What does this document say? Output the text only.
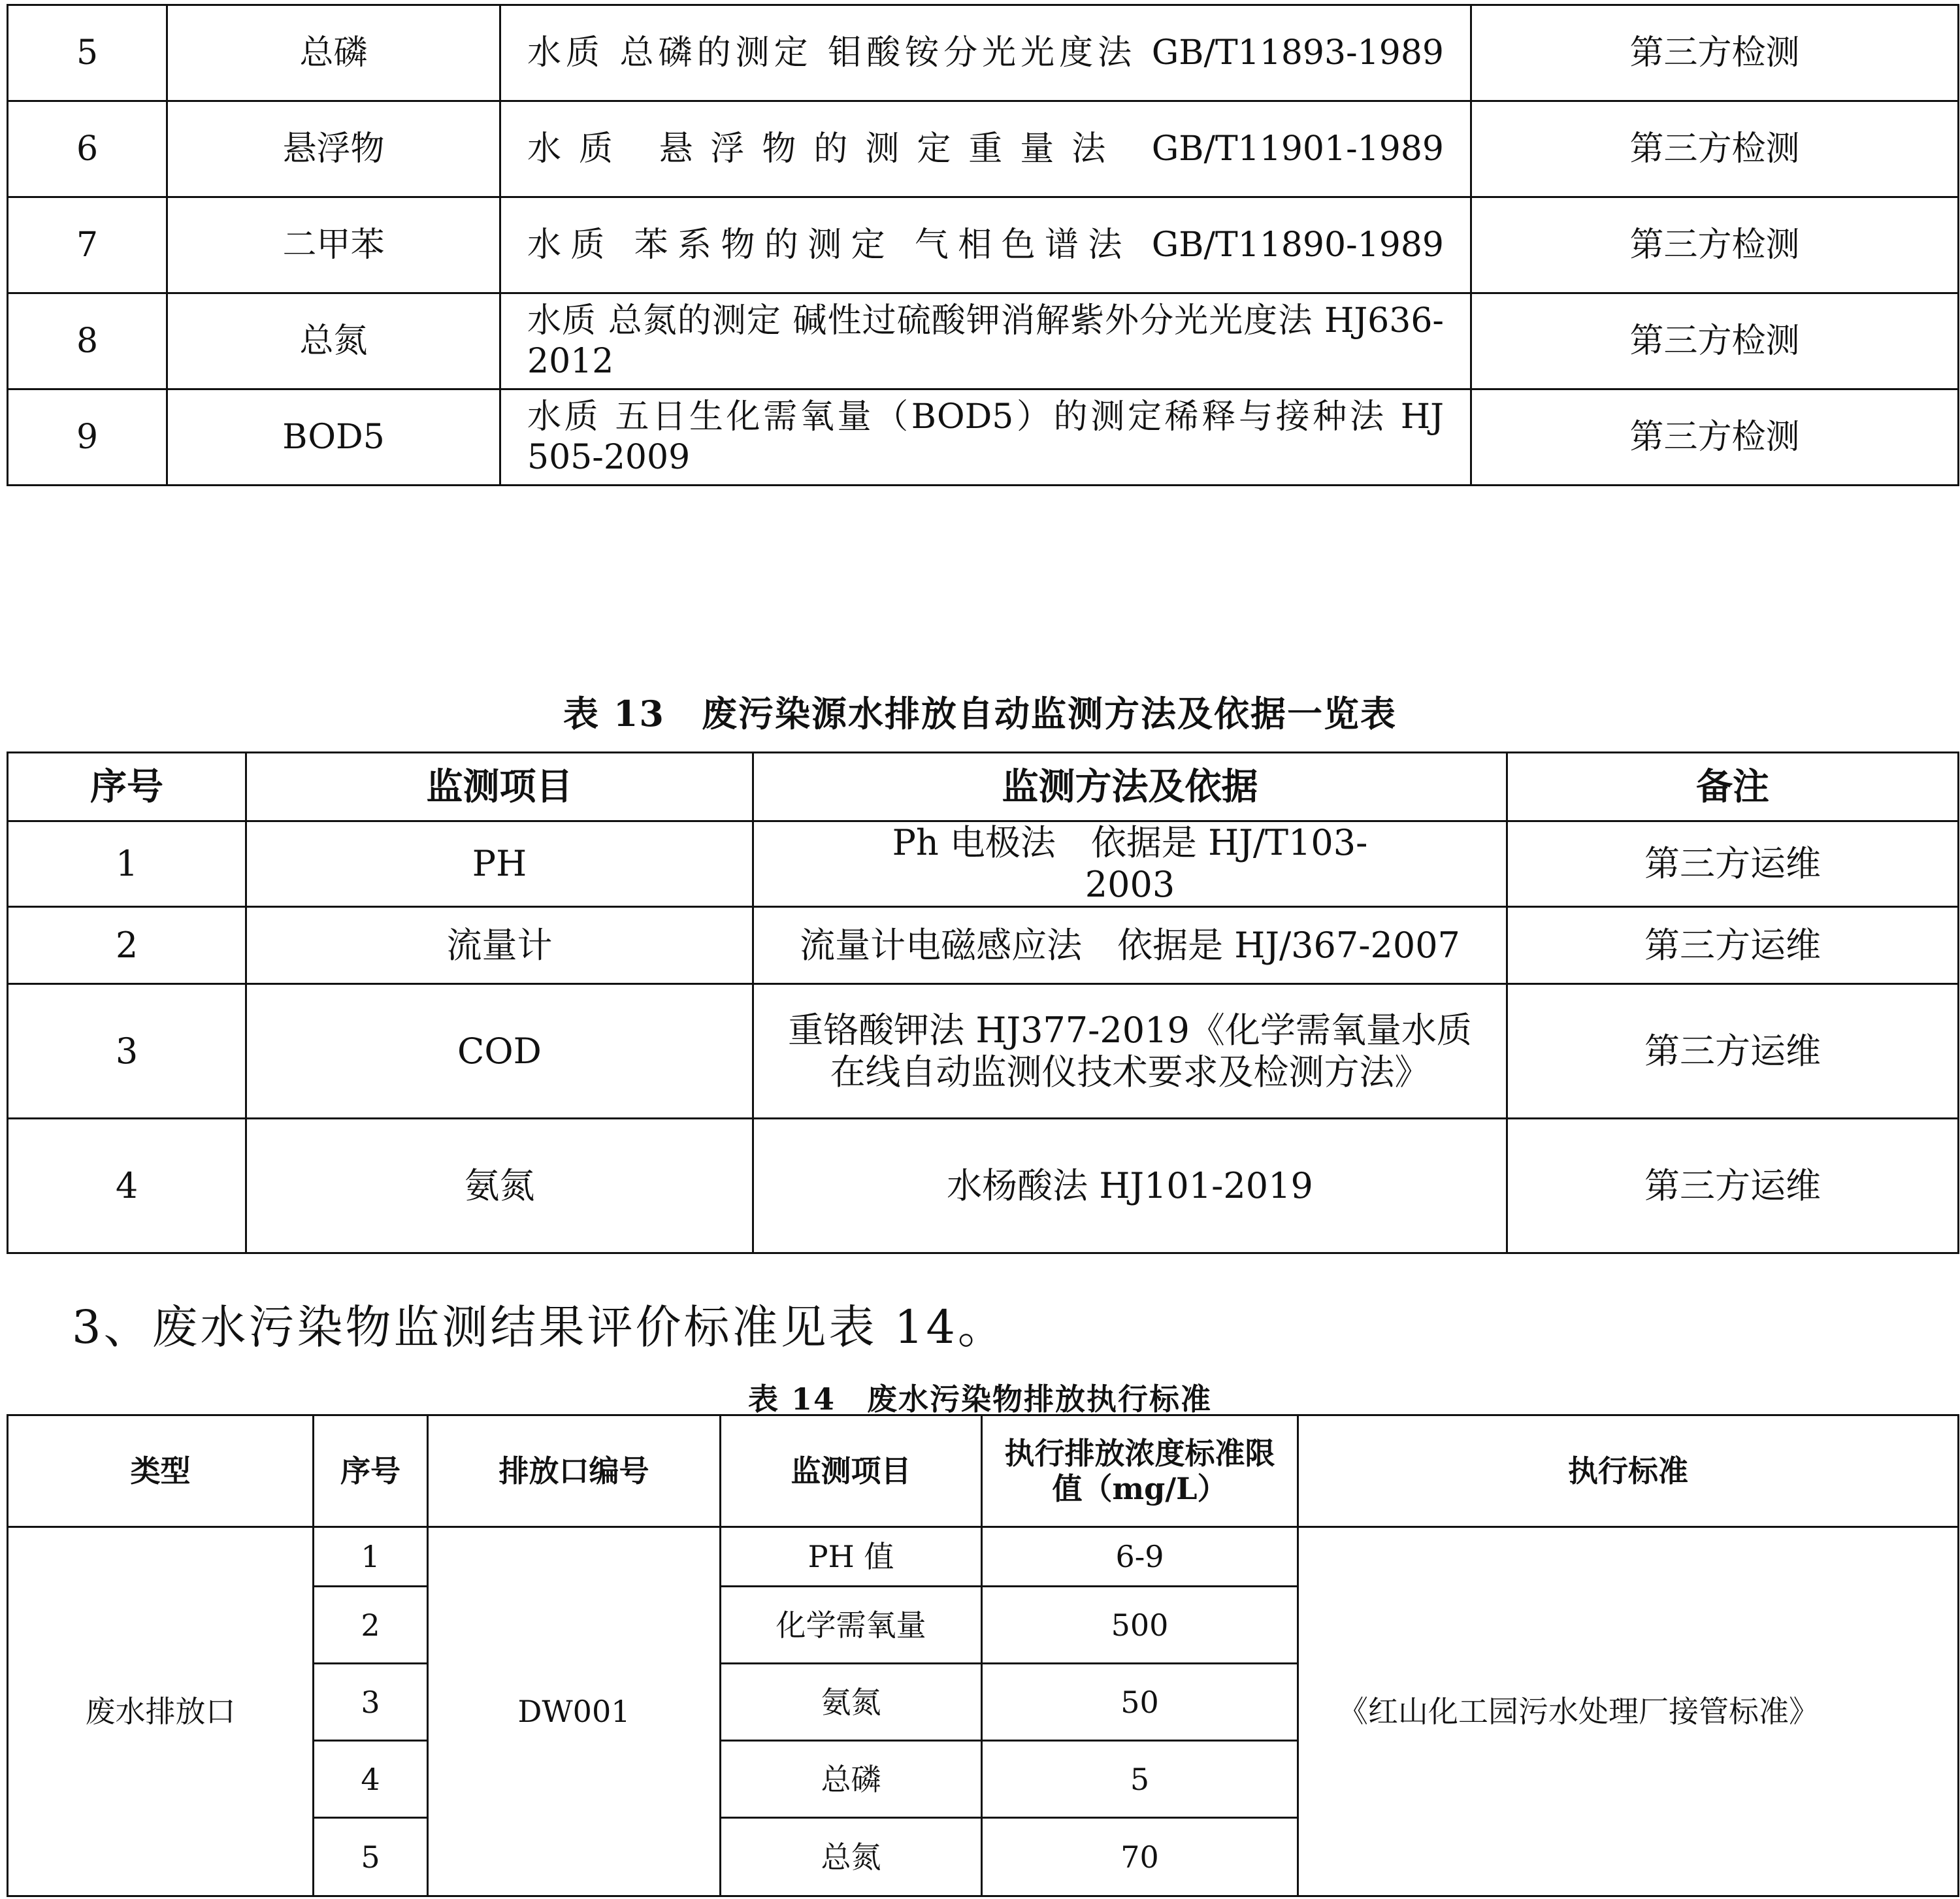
5	总磷	水质 总磷的测定 钼酸铵分光光度法 GB/T11893-1989	第三方检测
6	悬浮物	水质 悬浮物的测定重量法 GB/T11901-1989	第三方检测
7	二甲苯	水质 苯系物的测定 气相色谱法 GB/T11890-1989	第三方检测
8	总氮	水质 总氮的测定 碱性过硫酸钾消解紫外分光光度法 HJ636-2012	第三方检测
9	BOD5	水质 五日生化需氧量（BOD5）的测定稀释与接种法 HJ 505-2009	第三方检测
表 13　废污染源水排放自动监测方法及依据一览表
序号	监测项目	监测方法及依据	备注
1	PH	Ph 电极法　依据是 HJ/T103-2003	第三方运维
2	流量计	流量计电磁感应法　依据是 HJ/367-2007	第三方运维
3	COD	重铬酸钾法 HJ377-2019《化学需氧量水质在线自动监测仪技术要求及检测方法》	第三方运维
4	氨氮	水杨酸法 HJ101-2019	第三方运维
3、废水污染物监测结果评价标准见表 14。
表 14　废水污染物排放执行标准
类型	序号	排放口编号	监测项目	执行排放浓度标准限值（mg/L）	执行标准
废水排放口	1	DW001	PH 值	6-9	《红山化工园污水处理厂接管标准》
	2		化学需氧量	500	
	3		氨氮	50	
	4		总磷	5	
	5		总氮	70	
